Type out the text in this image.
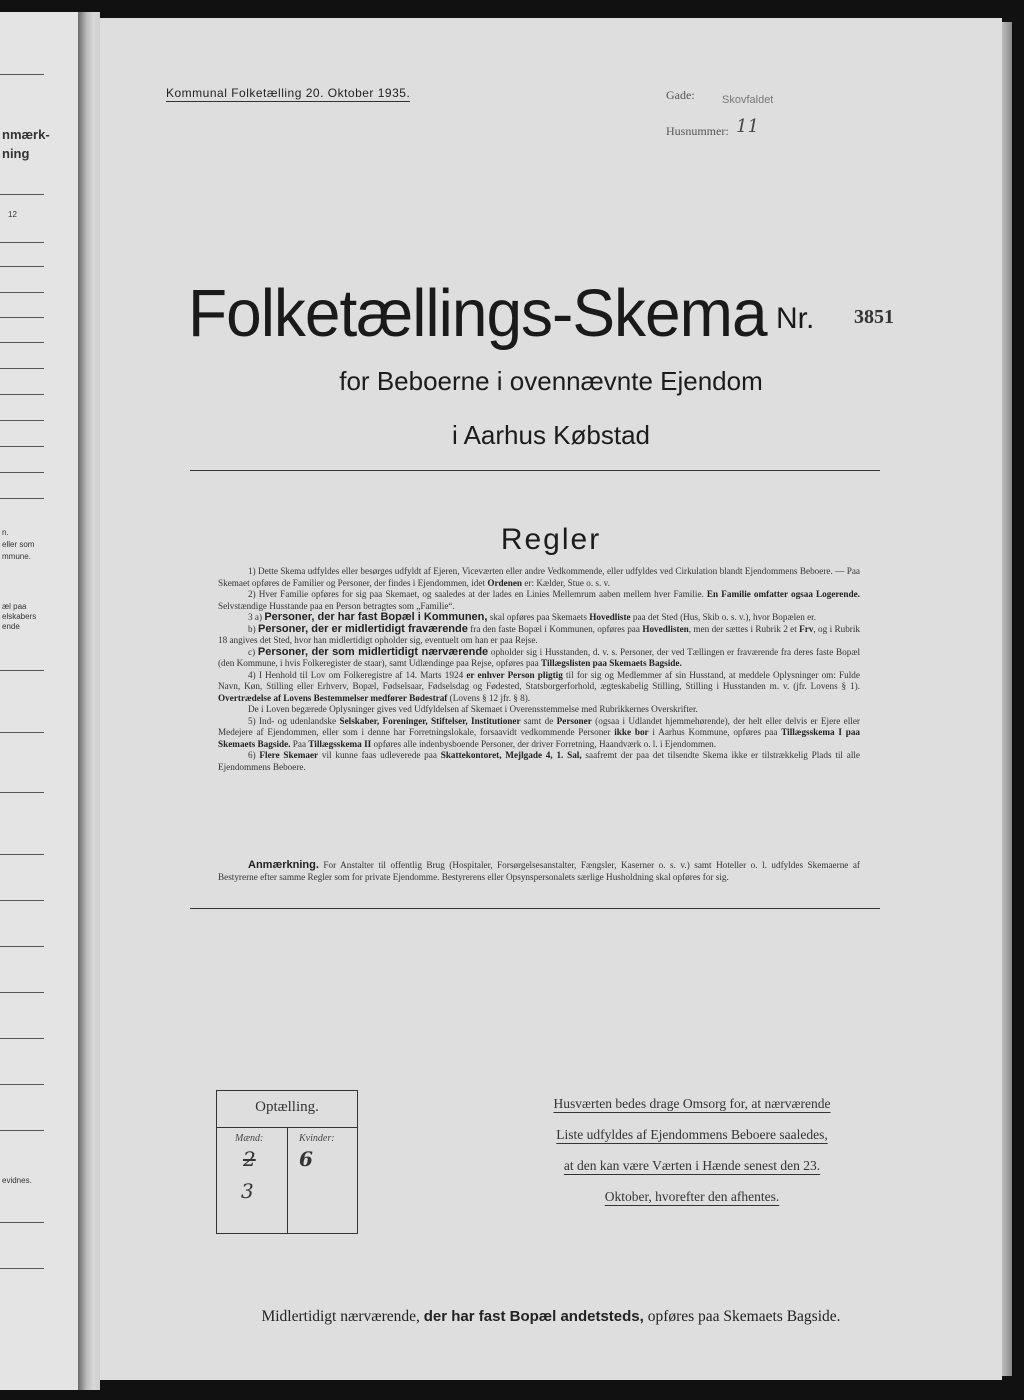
nmærk-
ning
12
n.
eller som
mmune.
æl paa
elskabers
ende
evidnes.
Kommunal Folketælling 20. Oktober 1935.	Gade: Skovfaldet
Husnummer: 11
Folketællings-Skema Nr. 3851
for Beboerne i ovennævnte Ejendom
i Aarhus Købstad
Regler

1) Dette Skema udfyldes eller besørges udfyldt af Ejeren, Viceværten eller andre Vedkommende, eller udfyldes ved Cirkulation blandt Ejendommens Beboere. — Paa Skemaet opføres de Familier og Personer, der findes i Ejendommen, idet Ordenen er: Kælder, Stue o. s. v.

2) Hver Familie opføres for sig paa Skemaet, og saaledes at der lades en Linies Mellemrum aaben mellem hver Familie. En Familie omfatter ogsaa Logerende. Selvstændige Husstande paa en Person betragtes som „Familie“.

3 a) Personer, der har fast Bopæl i Kommunen, skal opføres paa Skemaets Hovedliste paa det Sted (Hus, Skib o. s. v.), hvor Bopælen er.

b) Personer, der er midlertidigt fraværende fra den faste Bopæl i Kommunen, opføres paa Hovedlisten, men der sættes i Rubrik 2 et Frv, og i Rubrik 18 angives det Sted, hvor han midlertidigt opholder sig, eventuelt om han er paa Rejse.

c) Personer, der som midlertidigt nærværende opholder sig i Husstanden, d. v. s. Personer, der ved Tællingen er fraværende fra deres faste Bopæl (den Kommune, i hvis Folkeregister de staar), samt Udlændinge paa Rejse, opføres paa Tillægslisten paa Skemaets Bagside.

4) I Henhold til Lov om Folkeregistre af 14. Marts 1924 er enhver Person pligtig til for sig og Medlemmer af sin Husstand, at meddele Oplysninger om: Fulde Navn, Køn, Stilling eller Erhverv, Bopæl, Fødselsaar, Fødselsdag og Fødested, Statsborgerforhold, ægteskabelig Stilling, Stilling i Husstanden m. v. (jfr. Lovens § 1). Overtrædelse af Lovens Bestemmelser medfører Bødestraf (Lovens § 12 jfr. § 8).

De i Loven begærede Oplysninger gives ved Udfyldelsen af Skemaet i Overensstemmelse med Rubrikkernes Overskrifter.

5) Ind- og udenlandske Selskaber, Foreninger, Stiftelser, Institutioner samt de Personer (ogsaa i Udlandet hjemmehørende), der helt eller delvis er Ejere eller Medejere af Ejendommen, eller som i denne har Forretningslokale, forsaavidt vedkommende Personer ikke bor i Aarhus Kommune, opføres paa Tillægsskema I paa Skemaets Bagside. Paa Tillægsskema II opføres alle indenbysboende Personer, der driver Forretning, Haandværk o. l. i Ejendommen.

6) Flere Skemaer vil kunne faas udleverede paa Skattekontoret, Mejlgade 4, 1. Sal, saafremt der paa det tilsendte Skema ikke er tilstrækkelig Plads til alle Ejendommens Beboere.

Anmærkning. For Anstalter til offentlig Brug (Hospitaler, Forsørgelsesanstalter, Fængsler, Kaserner o. s. v.) samt Hoteller o. l. udfyldes Skemaerne af Bestyrerne efter samme Regler som for private Ejendomme. Bestyrerens eller Opsynspersonalets særlige Husholdning skal opføres for sig.

Optælling.
Mænd:	Kvinder:
2
3
6
Husværten bedes drage Omsorg for, at nærværende
Liste udfyldes af Ejendommens Beboere saaledes,
at den kan være Værten i Hænde senest den 23.
Oktober, hvorefter den afhentes.
Midlertidigt nærværende, der har fast Bopæl andetsteds, opføres paa Skemaets Bagside.
